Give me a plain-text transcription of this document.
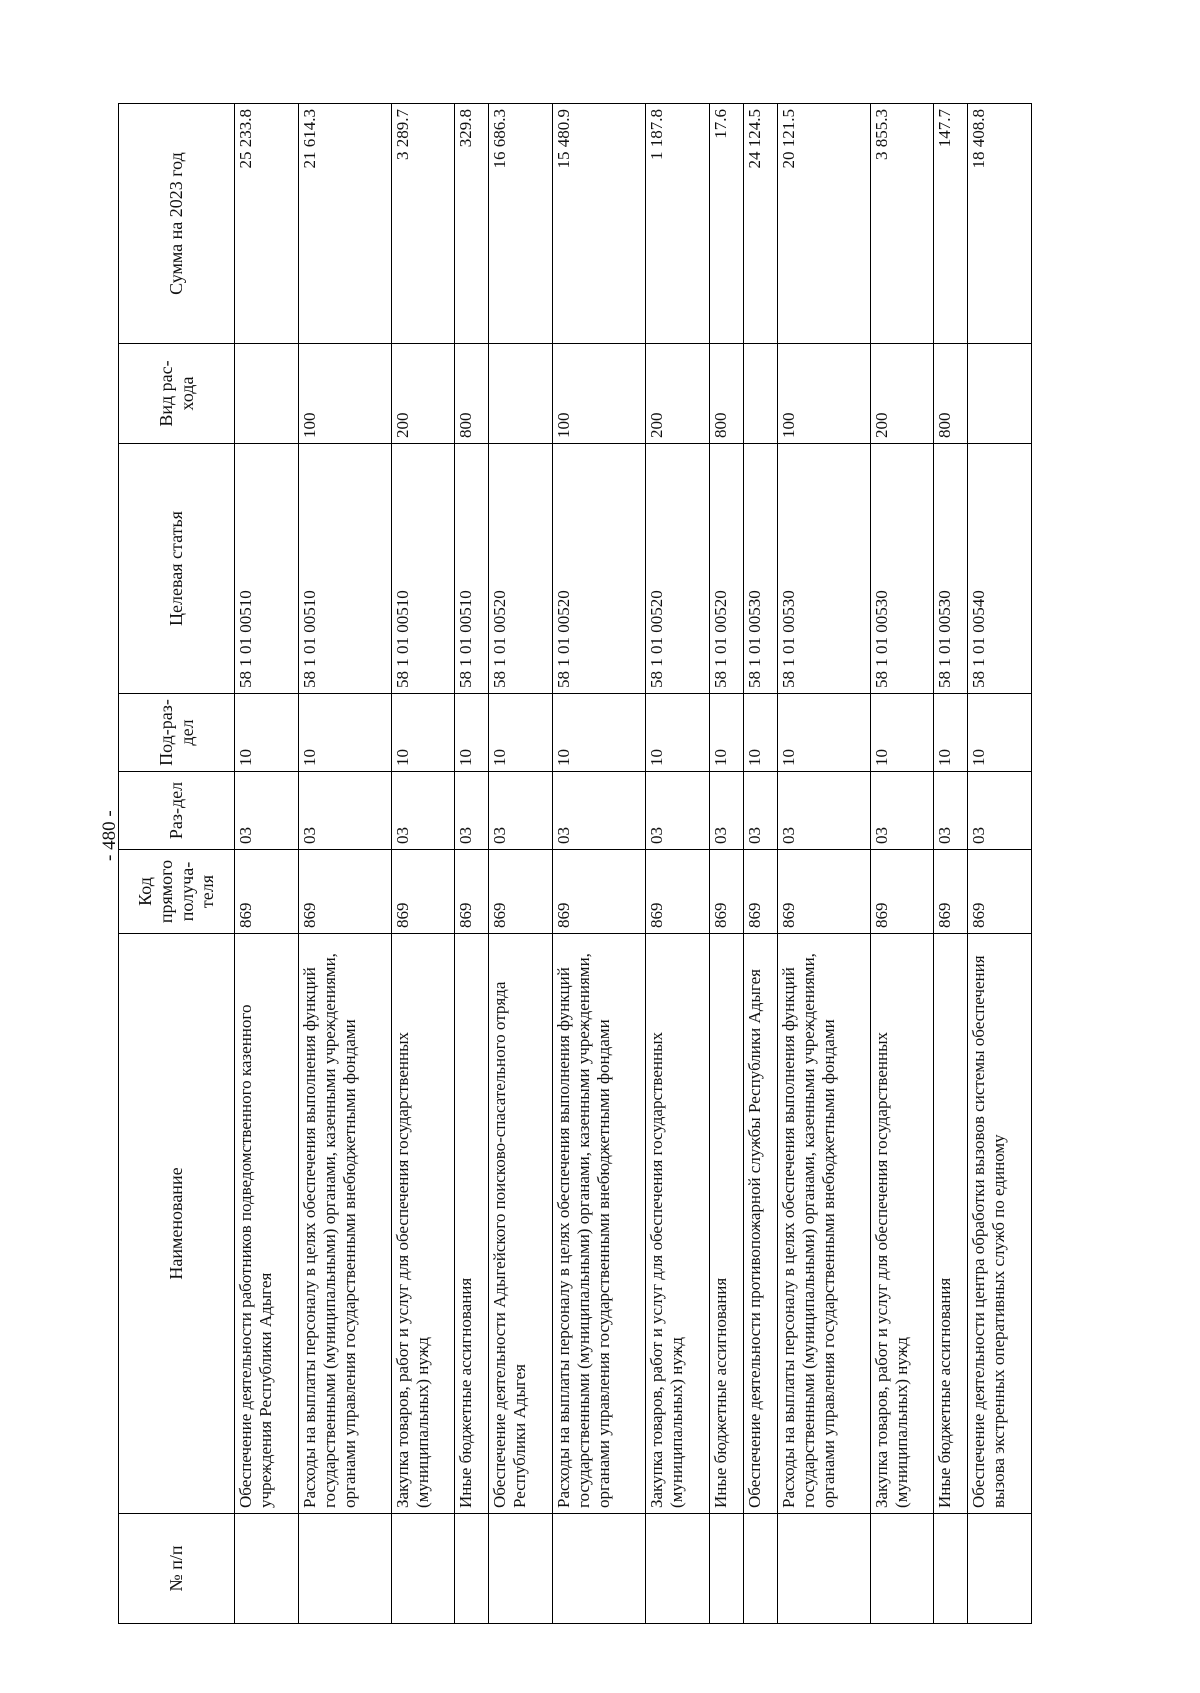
- 480 -
№ п/п	Наименование	Код прямого получа-теля	Раз-дел	Под-раз-дел	Целевая статья	Вид рас-хода	Сумма на 2023 год
	Обеспечение деятельности работников подведомственного казенного учреждения Республики Адыгея	869	03	10	58 1 01 00510		25 233.8
	Расходы на выплаты персоналу в целях обеспечения выполнения функций государственными (муниципальными) органами, казенными учреждениями, органами управления государственными внебюджетными фондами	869	03	10	58 1 01 00510	100	21 614.3
	Закупка товаров, работ и услуг для обеспечения государственных (муниципальных) нужд	869	03	10	58 1 01 00510	200	3 289.7
	Иные бюджетные ассигнования	869	03	10	58 1 01 00510	800	329.8
	Обеспечение деятельности Адыгейского поисково-спасательного отряда Республики Адыгея	869	03	10	58 1 01 00520		16 686.3
	Расходы на выплаты персоналу в целях обеспечения выполнения функций государственными (муниципальными) органами, казенными учреждениями, органами управления государственными внебюджетными фондами	869	03	10	58 1 01 00520	100	15 480.9
	Закупка товаров, работ и услуг для обеспечения государственных (муниципальных) нужд	869	03	10	58 1 01 00520	200	1 187.8
	Иные бюджетные ассигнования	869	03	10	58 1 01 00520	800	17.6
	Обеспечение деятельности противопожарной службы Республики Адыгея	869	03	10	58 1 01 00530		24 124.5
	Расходы на выплаты персоналу в целях обеспечения выполнения функций государственными (муниципальными) органами, казенными учреждениями, органами управления государственными внебюджетными фондами	869	03	10	58 1 01 00530	100	20 121.5
	Закупка товаров, работ и услуг для обеспечения государственных (муниципальных) нужд	869	03	10	58 1 01 00530	200	3 855.3
	Иные бюджетные ассигнования	869	03	10	58 1 01 00530	800	147.7
	Обеспечение деятельности центра обработки вызовов системы обеспечения вызова экстренных оперативных служб по единому	869	03	10	58 1 01 00540		18 408.8
